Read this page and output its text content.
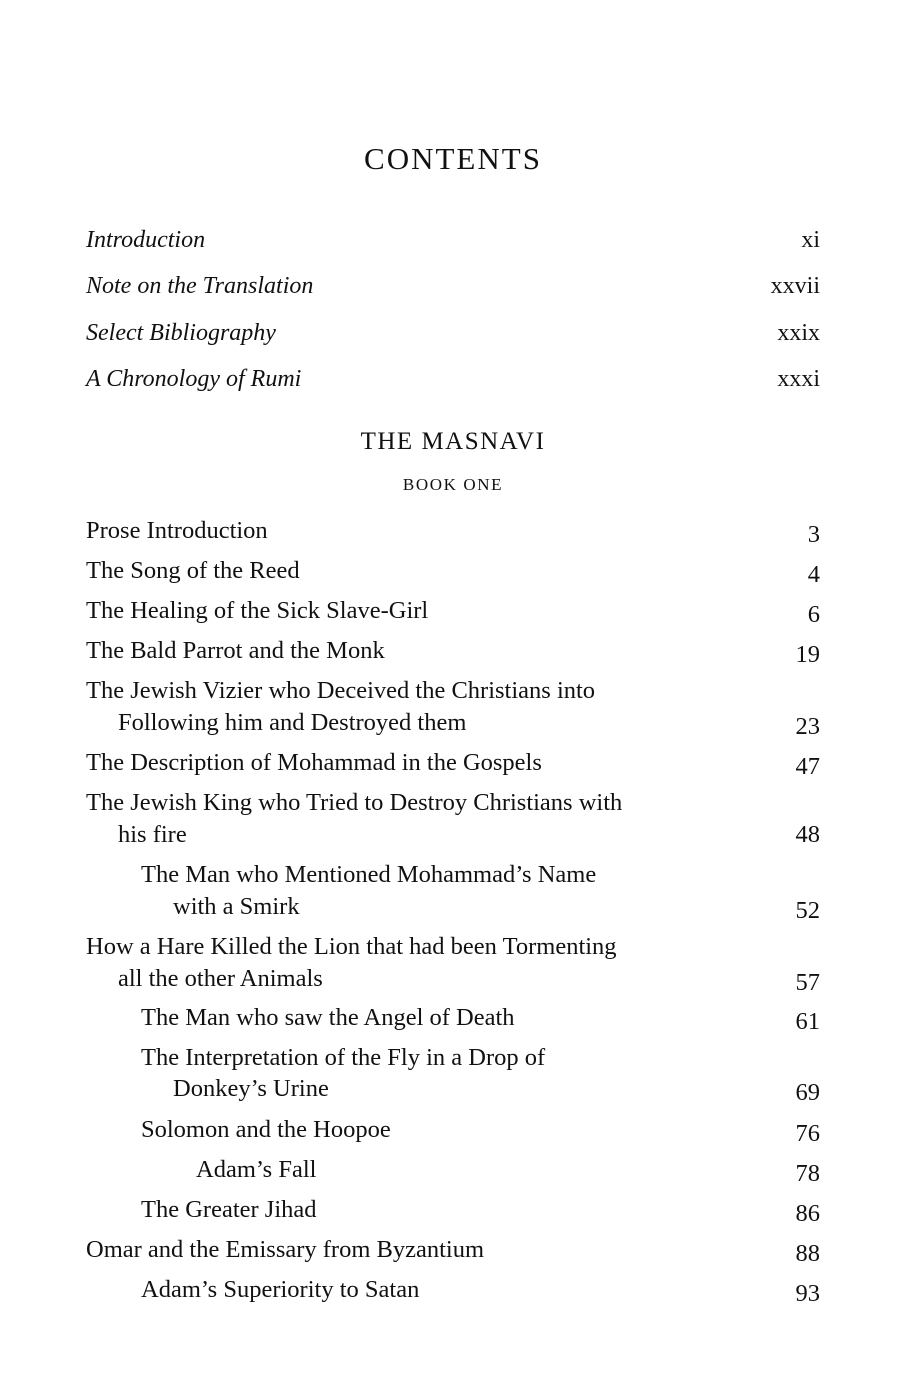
CONTENTS
Introduction	xi
Note on the Translation	xxvii
Select Bibliography	xxix
A Chronology of Rumi	xxxi
THE MASNAVI
BOOK ONE
Prose Introduction	3
The Song of the Reed	4
The Healing of the Sick Slave-Girl	6
The Bald Parrot and the Monk	19
The Jewish Vizier who Deceived the Christians into
Following him and Destroyed them	23
The Description of Mohammad in the Gospels	47
The Jewish King who Tried to Destroy Christians with
his fire	48
The Man who Mentioned Mohammad’s Name
with a Smirk	52
How a Hare Killed the Lion that had been Tormenting
all the other Animals	57
The Man who saw the Angel of Death	61
The Interpretation of the Fly in a Drop of
Donkey’s Urine	69
Solomon and the Hoopoe	76
Adam’s Fall	78
The Greater Jihad	86
Omar and the Emissary from Byzantium	88
Adam’s Superiority to Satan	93
